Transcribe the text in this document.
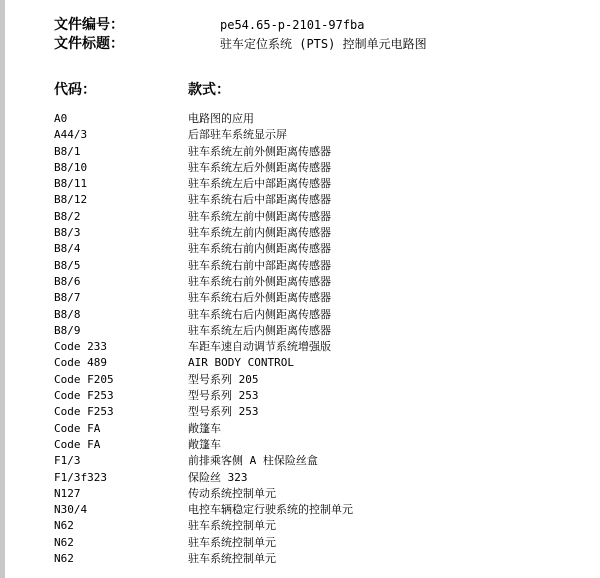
文件编号：	pe54.65-p-2101-97fba
文件标题：	驻车定位系统 (PTS) 控制单元电路图
代码：	款式：
A0	电路图的应用
A44/3	后部驻车系统显示屏
B8/1	驻车系统左前外侧距离传感器
B8/10	驻车系统左后外侧距离传感器
B8/11	驻车系统左后中部距离传感器
B8/12	驻车系统右后中部距离传感器
B8/2	驻车系统左前中侧距离传感器
B8/3	驻车系统左前内侧距离传感器
B8/4	驻车系统右前内侧距离传感器
B8/5	驻车系统右前中部距离传感器
B8/6	驻车系统右前外侧距离传感器
B8/7	驻车系统右后外侧距离传感器
B8/8	驻车系统右后内侧距离传感器
B8/9	驻车系统左后内侧距离传感器
Code 233	车距车速自动调节系统增强版
Code 489	AIR BODY CONTROL
Code F205	型号系列 205
Code F253	型号系列 253
Code F253	型号系列 253
Code FA	敞篷车
Code FA	敞篷车
F1/3	前排乘客侧 A 柱保险丝盒
F1/3f323	保险丝 323
N127	传动系统控制单元
N30/4	电控车辆稳定行驶系统的控制单元
N62	驻车系统控制单元
N62	驻车系统控制单元
N62	驻车系统控制单元
